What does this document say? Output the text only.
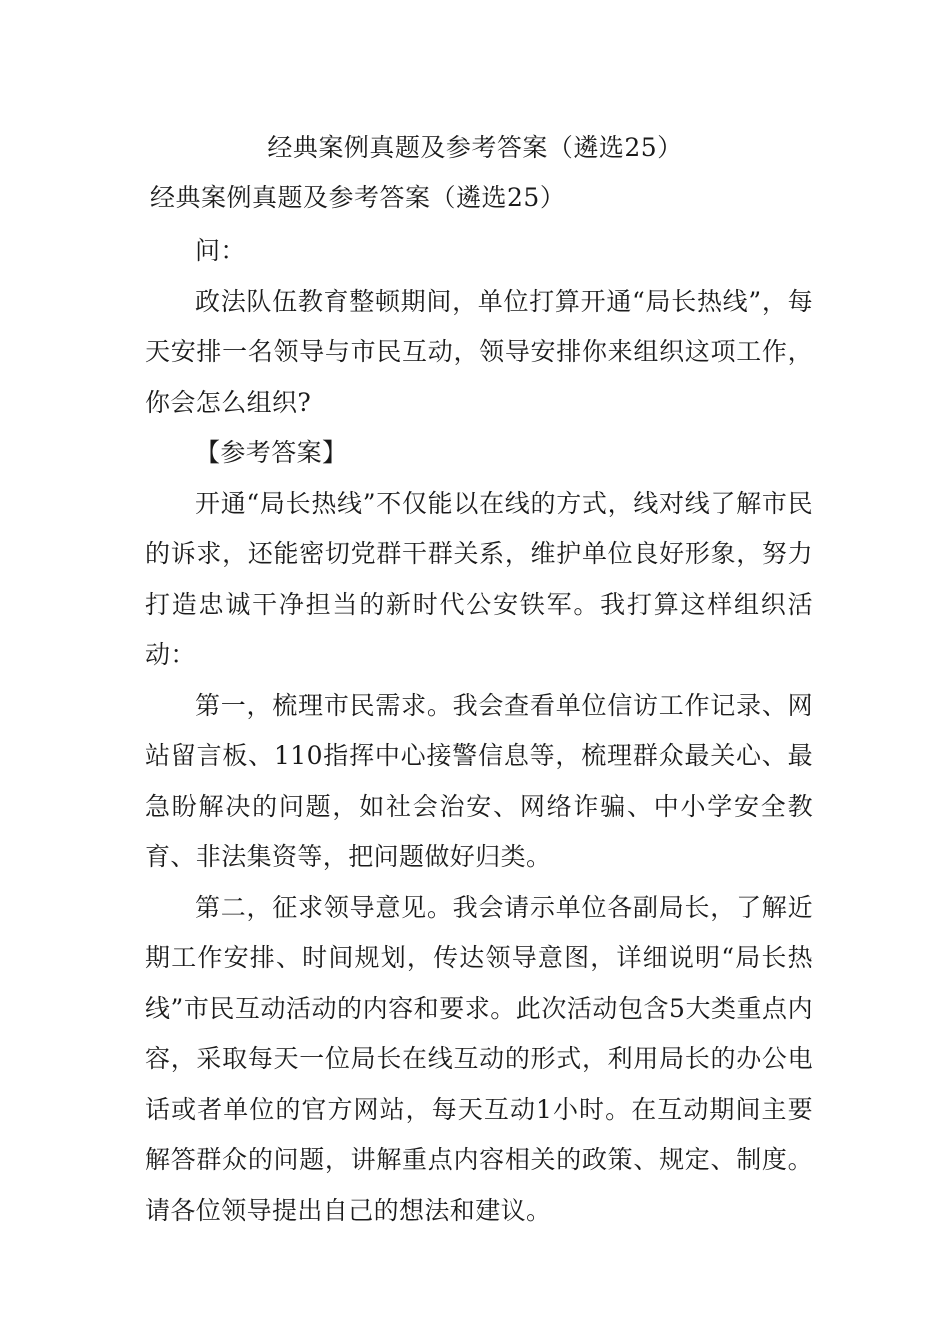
经典案例真题及参考答案（遴选25）
经典案例真题及参考答案（遴选25）

问：

政法队伍教育整顿期间，单位打算开通“局长热线”，每天安排一名领导与市民互动，领导安排你来组织这项工作，你会怎么组织?

【参考答案】

开通“局长热线”不仅能以在线的方式，线对线了解市民的诉求，还能密切党群干群关系，维护单位良好形象，努力打造忠诚干净担当的新时代公安铁军。我打算这样组织活动：

第一，梳理市民需求。我会查看单位信访工作记录、网站留言板、110指挥中心接警信息等，梳理群众最关心、最急盼解决的问题，如社会治安、网络诈骗、中小学安全教育、非法集资等，把问题做好归类。

第二，征求领导意见。我会请示单位各副局长，了解近期工作安排、时间规划，传达领导意图，详细说明“局长热线”市民互动活动的内容和要求。此次活动包含5大类重点内容，采取每天一位局长在线互动的形式，利用局长的办公电话或者单位的官方网站，每天互动1小时。在互动期间主要解答群众的问题，讲解重点内容相关的政策、规定、制度。请各位领导提出自己的想法和建议。
